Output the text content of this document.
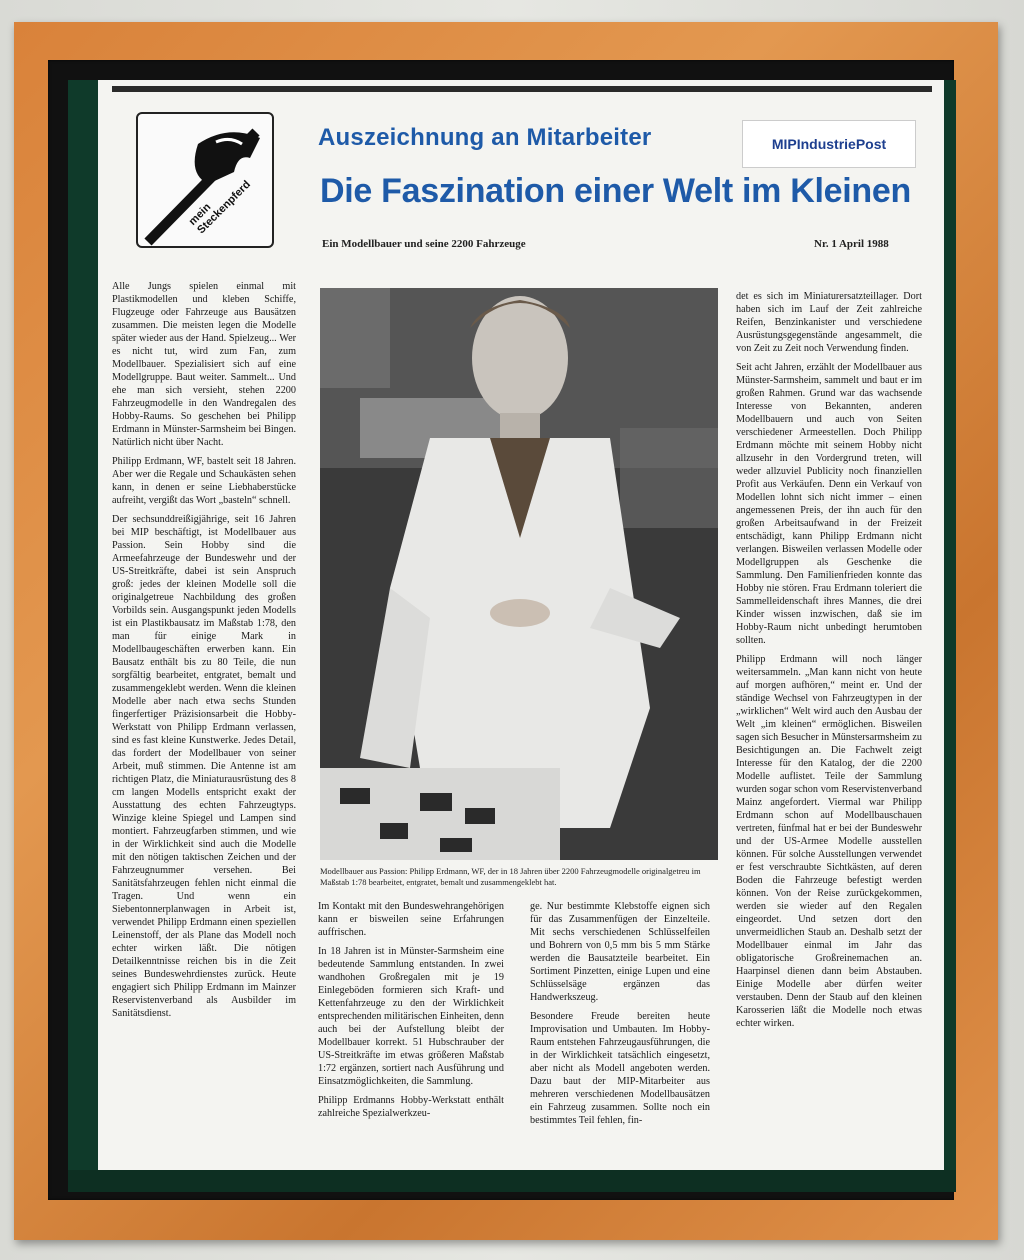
mein Steckenpferd
Auszeichnung an Mitarbeiter	MIPIndustriePost
Die Faszination einer Welt im Kleinen
Ein Modellbauer und seine 2200 Fahrzeuge	Nr. 1 April 1988

Alle Jungs spielen einmal mit Plastikmodellen und kleben Schiffe, Flugzeuge oder Fahrzeuge aus Bausätzen zusammen. Die meisten legen die Modelle später wieder aus der Hand. Spielzeug... Wer es nicht tut, wird zum Fan, zum Modellbauer. Spezialisiert sich auf eine Modellgruppe. Baut weiter. Sammelt... Und ehe man sich versieht, stehen 2200 Fahrzeugmodelle in den Wandregalen des Hobby-Raums. So geschehen bei Philipp Erdmann in Münster-Sarmsheim bei Bingen. Natürlich nicht über Nacht.

Philipp Erdmann, WF, bastelt seit 18 Jahren. Aber wer die Regale und Schaukästen sehen kann, in denen er seine Liebhaberstücke aufreiht, vergißt das Wort „basteln“ schnell.

Der sechsunddreißigjährige, seit 16 Jahren bei MIP beschäftigt, ist Modellbauer aus Passion. Sein Hobby sind die Armeefahrzeuge der Bundeswehr und der US-Streitkräfte, dabei ist sein Anspruch groß: jedes der kleinen Modelle soll die originalgetreue Nachbildung des großen Vorbilds sein. Ausgangspunkt jeden Modells ist ein Plastikbausatz im Maßstab 1:78, den man für einige Mark in Modellbaugeschäften erwerben kann. Ein Bausatz enthält bis zu 80 Teile, die nun sorgfältig bearbeitet, entgratet, bemalt und zusammengeklebt werden. Wenn die kleinen Modelle aber nach etwa sechs Stunden fingerfertiger Präzisionsarbeit die Hobby-Werkstatt von Philipp Erdmann verlassen, sind es fast kleine Kunstwerke. Jedes Detail, das fordert der Modellbauer von seiner Arbeit, muß stimmen. Die Antenne ist am richtigen Platz, die Miniaturausrüstung des 8 cm langen Modells entspricht exakt der Ausstattung des echten Fahrzeugtyps. Winzige kleine Spiegel und Lampen sind montiert. Fahrzeugfarben stimmen, und wie in der Wirklichkeit sind auch die Modelle mit den nötigen taktischen Zeichen und der Fahrzeugnummer versehen. Bei Sanitätsfahrzeugen fehlen nicht einmal die Tragen. Und wenn ein Siebentonnerplanwagen in Arbeit ist, verwendet Philipp Erdmann einen speziellen Leinenstoff, der als Plane das Modell noch echter wirken läßt. Die nötigen Detailkenntnisse reichen bis in die Zeit seines Bundeswehrdienstes zurück. Heute engagiert sich Philipp Erdmann im Mainzer Reservistenverband als Ausbilder im Sanitätsdienst.

Modellbauer aus Passion: Philipp Erdmann, WF, der in 18 Jahren über 2200 Fahrzeugmodelle originalgetreu im Maßstab 1:78 bearbeitet, entgratet, bemalt und zusammengeklebt hat.

Im Kontakt mit den Bundeswehrangehörigen kann er bisweilen seine Erfahrungen auffrischen.

In 18 Jahren ist in Münster-Sarmsheim eine bedeutende Sammlung entstanden. In zwei wandhohen Großregalen mit je 19 Einlegeböden formieren sich Kraft- und Kettenfahrzeuge zu den der Wirklichkeit entsprechenden militärischen Einheiten, denn auch bei der Aufstellung bleibt der Modellbauer korrekt. 51 Hubschrauber der US-Streitkräfte im etwas größeren Maßstab 1:72 ergänzen, sortiert nach Ausführung und Einsatzmöglichkeiten, die Sammlung.

Philipp Erdmanns Hobby-Werkstatt enthält zahlreiche Spezialwerkzeu-

ge. Nur bestimmte Klebstoffe eignen sich für das Zusammenfügen der Einzelteile. Mit sechs verschiedenen Schlüsselfeilen und Bohrern von 0,5 mm bis 5 mm Stärke werden die Bausatzteile bearbeitet. Ein Sortiment Pinzetten, einige Lupen und eine Schlüsselsäge ergänzen das Handwerkszeug.

Besondere Freude bereiten heute Improvisation und Umbauten. Im Hobby-Raum entstehen Fahrzeugausführungen, die in der Wirklichkeit tatsächlich eingesetzt, aber nicht als Modell angeboten werden. Dazu baut der MIP-Mitarbeiter aus mehreren verschiedenen Modellbausätzen ein Fahrzeug zusammen. Sollte noch ein bestimmtes Teil fehlen, fin-

det es sich im Miniaturersatzteillager. Dort haben sich im Lauf der Zeit zahlreiche Reifen, Benzinkanister und verschiedene Ausrüstungsgegenstände angesammelt, die von Zeit zu Zeit noch Verwendung finden.

Seit acht Jahren, erzählt der Modellbauer aus Münster-Sarmsheim, sammelt und baut er im großen Rahmen. Grund war das wachsende Interesse von Bekannten, anderen Modellbauern und auch von Seiten verschiedener Armeestellen. Doch Philipp Erdmann möchte mit seinem Hobby nicht allzusehr in den Vordergrund treten, will weder allzuviel Publicity noch finanziellen Profit aus Verkäufen. Denn ein Verkauf von Modellen lohnt sich nicht immer – einen angemessenen Preis, der ihn auch für den großen Arbeitsaufwand in der Freizeit entschädigt, kann Philipp Erdmann nicht verlangen. Bisweilen verlassen Modelle oder Modellgruppen als Geschenke die Sammlung. Den Familienfrieden konnte das Hobby nie stören. Frau Erdmann toleriert die Sammelleidenschaft ihres Mannes, die drei Kinder wissen inzwischen, daß sie im Hobby-Raum nicht unbedingt herumtoben sollten.

Philipp Erdmann will noch länger weitersammeln. „Man kann nicht von heute auf morgen aufhören,“ meint er. Und der ständige Wechsel von Fahrzeugtypen in der „wirklichen“ Welt wird auch den Ausbau der Welt „im kleinen“ ermöglichen. Bisweilen sagen sich Besucher in Münstersarmsheim zu Besichtigungen an. Die Fachwelt zeigt Interesse für den Katalog, der die 2200 Modelle auflistet. Teile der Sammlung wurden sogar schon vom Reservistenverband Mainz angefordert. Viermal war Philipp Erdmann schon auf Modellbauschauen vertreten, fünfmal hat er bei der Bundeswehr und der US-Armee Modelle ausstellen können. Für solche Ausstellungen verwendet er fest verschraubte Sichtkästen, auf deren Boden die Fahrzeuge befestigt werden können. Von der Reise zurückgekommen, werden sie wieder auf den Regalen eingeordet. Und setzen dort den unvermeidlichen Staub an. Deshalb setzt der Modellbauer einmal im Jahr das obligatorische Großreinemachen an. Haarpinsel dienen dann beim Abstauben. Einige Modelle aber dürfen weiter verstauben. Denn der Staub auf den kleinen Karosserien läßt die Modelle noch etwas echter wirken.
